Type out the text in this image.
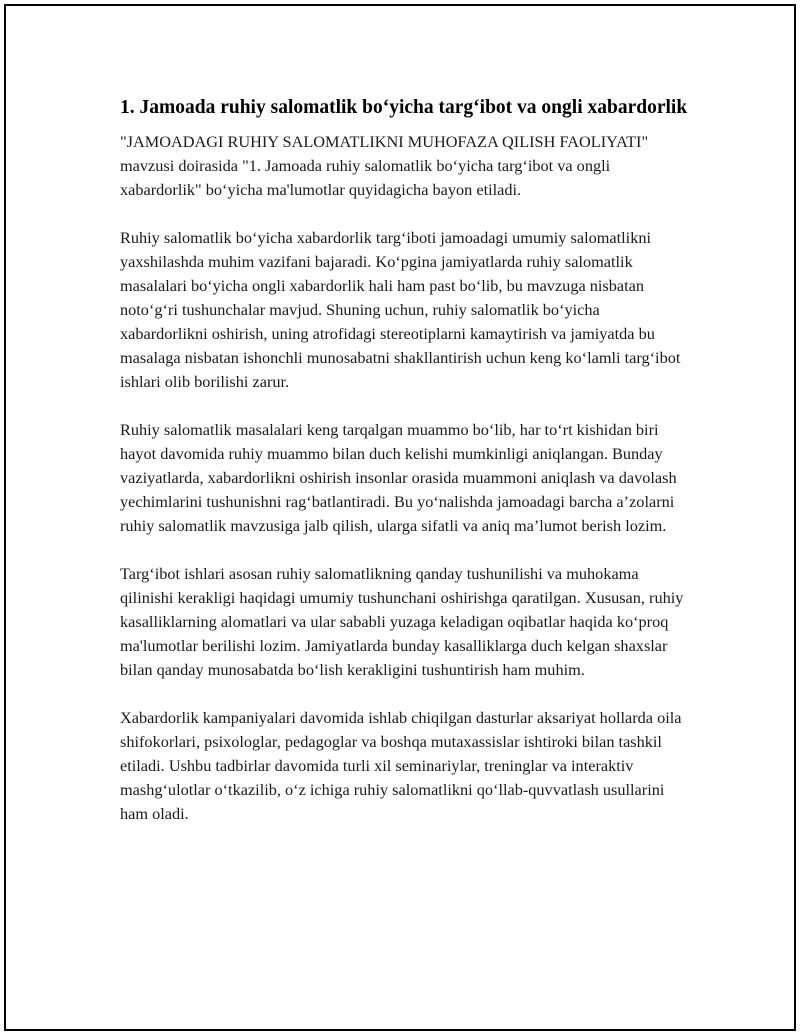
1. Jamoada ruhiy salomatlik bo‘yicha targ‘ibot va ongli xabardorlik

"JAMOADAGI RUHIY SALOMATLIKNI MUHOFAZA QILISH FAOLIYATI" mavzusi doirasida "1. Jamoada ruhiy salomatlik bo‘yicha targ‘ibot va ongli xabardorlik" bo‘yicha ma'lumotlar quyidagicha bayon etiladi.

Ruhiy salomatlik bo‘yicha xabardorlik targ‘iboti jamoadagi umumiy salomatlikni yaxshilashda muhim vazifani bajaradi. Ko‘pgina jamiyatlarda ruhiy salomatlik masalalari bo‘yicha ongli xabardorlik hali ham past bo‘lib, bu mavzuga nisbatan noto‘g‘ri tushunchalar mavjud. Shuning uchun, ruhiy salomatlik bo‘yicha xabardorlikni oshirish, uning atrofidagi stereotiplarni kamaytirish va jamiyatda bu masalaga nisbatan ishonchli munosabatni shakllantirish uchun keng ko‘lamli targ‘ibot ishlari olib borilishi zarur.

Ruhiy salomatlik masalalari keng tarqalgan muammo bo‘lib, har to‘rt kishidan biri hayot davomida ruhiy muammo bilan duch kelishi mumkinligi aniqlangan. Bunday vaziyatlarda, xabardorlikni oshirish insonlar orasida muammoni aniqlash va davolash yechimlarini tushunishni rag‘batlantiradi. Bu yo‘nalishda jamoadagi barcha a’zolarni ruhiy salomatlik mavzusiga jalb qilish, ularga sifatli va aniq ma’lumot berish lozim.

Targ‘ibot ishlari asosan ruhiy salomatlikning qanday tushunilishi va muhokama qilinishi kerakligi haqidagi umumiy tushunchani oshirishga qaratilgan. Xususan, ruhiy kasalliklarning alomatlari va ular sababli yuzaga keladigan oqibatlar haqida ko‘proq ma'lumotlar berilishi lozim. Jamiyatlarda bunday kasalliklarga duch kelgan shaxslar bilan qanday munosabatda bo‘lish kerakligini tushuntirish ham muhim.

Xabardorlik kampaniyalari davomida ishlab chiqilgan dasturlar aksariyat hollarda oila shifokorlari, psixologlar, pedagoglar va boshqa mutaxassislar ishtiroki bilan tashkil etiladi. Ushbu tadbirlar davomida turli xil seminariylar, treninglar va interaktiv mashg‘ulotlar o‘tkazilib, o‘z ichiga ruhiy salomatlikni qo‘llab-quvvatlash usullarini ham oladi.
